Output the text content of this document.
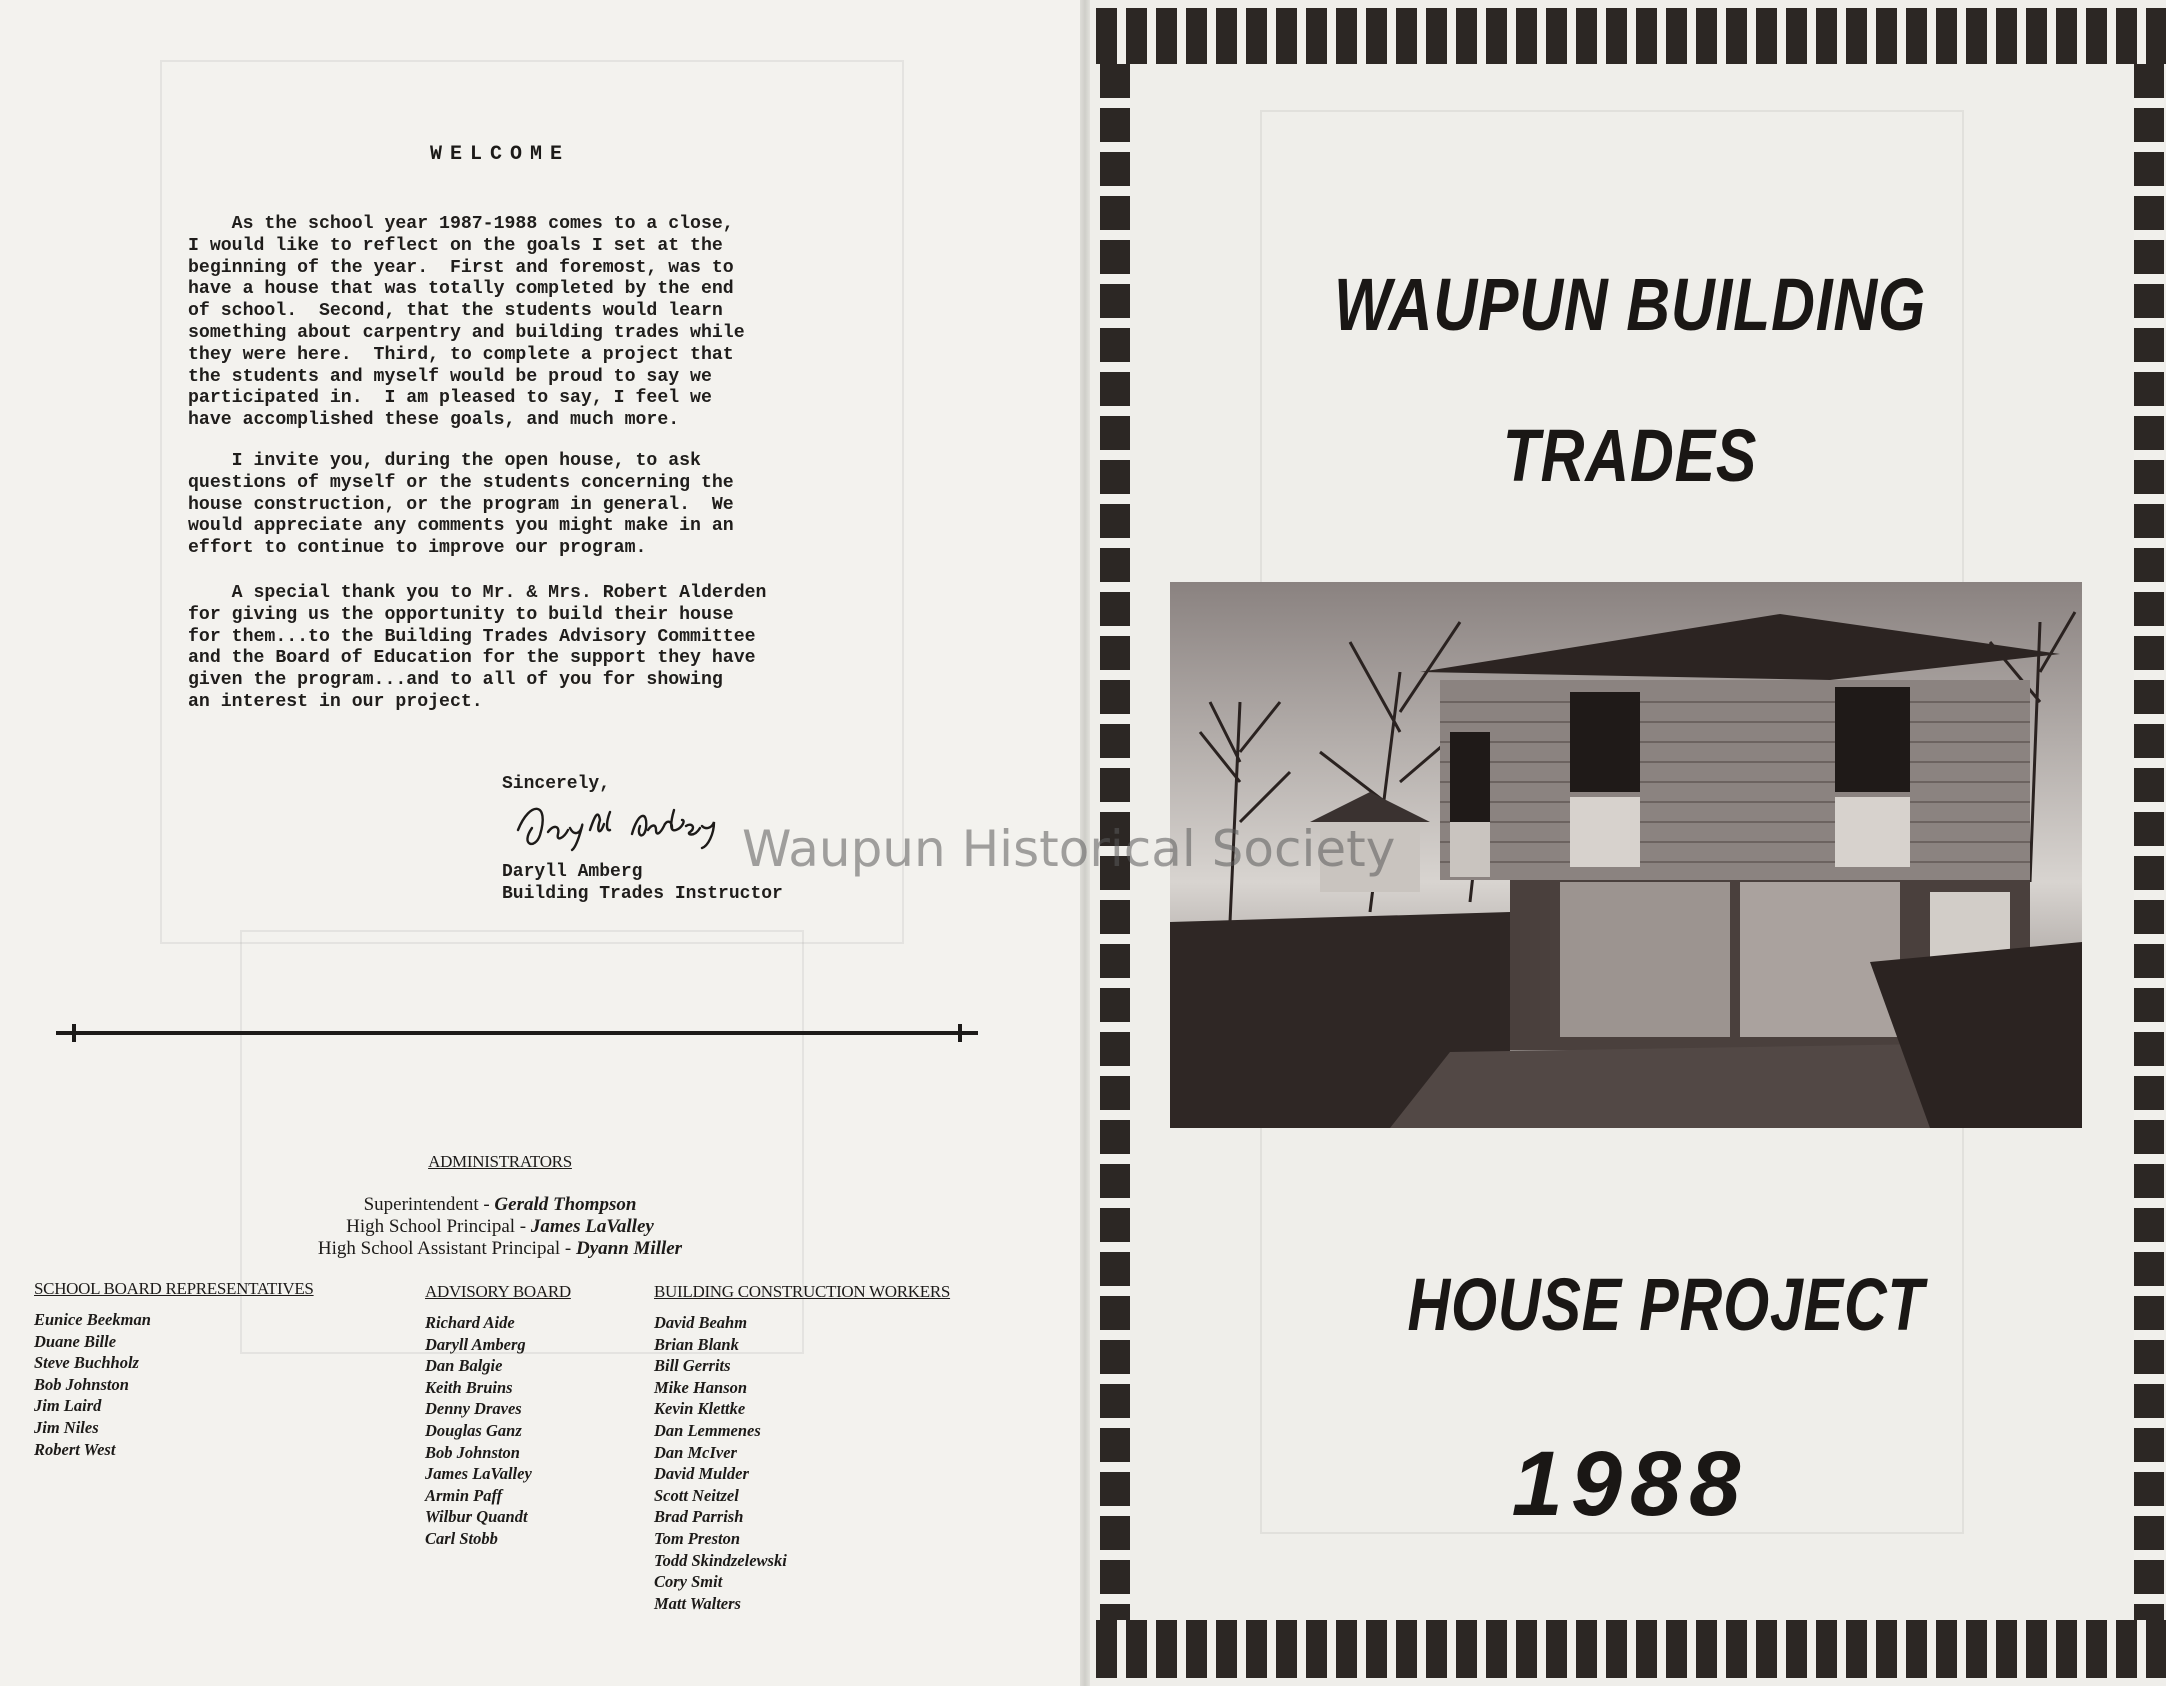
WELCOME
As the school year 1987-1988 comes to a close,
I would like to reflect on the goals I set at the
beginning of the year.  First and foremost, was to
have a house that was totally completed by the end
of school.  Second, that the students would learn
something about carpentry and building trades while
they were here.  Third, to complete a project that
the students and myself would be proud to say we
participated in.  I am pleased to say, I feel we
have accomplished these goals, and much more.
I invite you, during the open house, to ask
questions of myself or the students concerning the
house construction, or the program in general.  We
would appreciate any comments you might make in an
effort to continue to improve our program.
A special thank you to Mr. & Mrs. Robert Alderden
for giving us the opportunity to build their house
for them...to the Building Trades Advisory Committee
and the Board of Education for the support they have
given the program...and to all of you for showing
an interest in our project.
Sincerely,
Daryll Amberg
Building Trades Instructor
ADMINISTRATORS
Superintendent - Gerald Thompson
High School Principal - James LaValley
High School Assistant Principal - Dyann Miller
SCHOOL BOARD REPRESENTATIVES
Eunice Beekman
Duane Bille
Steve Buchholz
Bob Johnston
Jim Laird
Jim Niles
Robert West
ADVISORY BOARD
Richard Aide
Daryll Amberg
Dan Balgie
Keith Bruins
Denny Draves
Douglas Ganz
Bob Johnston
James LaValley
Armin Paff
Wilbur Quandt
Carl Stobb
BUILDING CONSTRUCTION WORKERS
David Beahm
Brian Blank
Bill Gerrits
Mike Hanson
Kevin Klettke
Dan Lemmenes
Dan McIver
David Mulder
Scott Neitzel
Brad Parrish
Tom Preston
Todd Skindzelewski
Cory Smit
Matt Walters
WAUPUN BUILDING
TRADES
HOUSE PROJECT
1988
Waupun Historical Society
